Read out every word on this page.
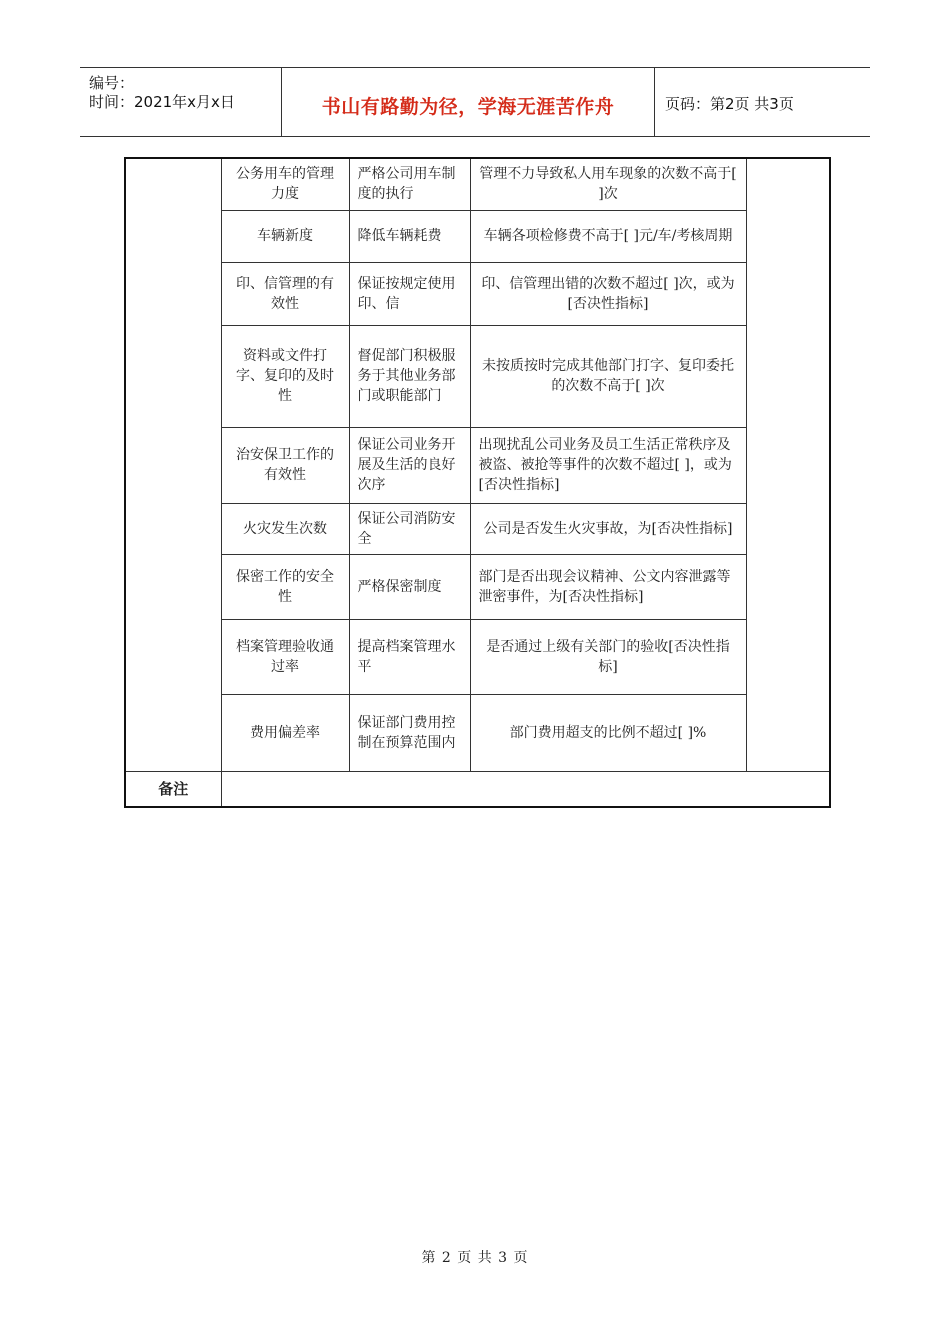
编号：
时间：2021年x月x日	书山有路勤为径，学海无涯苦作舟	页码：第2页 共3页
	公务用车的管理力度	严格公司用车制度的执行	管理不力导致私人用车现象的次数不高于[ ]次	
	车辆新度	降低车辆耗费	车辆各项检修费不高于[ ]元/车/考核周期	
	印、信管理的有效性	保证按规定使用印、信	印、信管理出错的次数不超过[ ]次，或为[否决性指标]	
	资料或文件打字、复印的及时性	督促部门积极服务于其他业务部门或职能部门	未按质按时完成其他部门打字、复印委托的次数不高于[ ]次	
	治安保卫工作的有效性	保证公司业务开展及生活的良好次序	出现扰乱公司业务及员工生活正常秩序及被盗、被抢等事件的次数不超过[ ]，或为[否决性指标]	
	火灾发生次数	保证公司消防安全	公司是否发生火灾事故，为[否决性指标]	
	保密工作的安全性	严格保密制度	部门是否出现会议精神、公文内容泄露等泄密事件，为[否决性指标]	
	档案管理验收通过率	提高档案管理水平	是否通过上级有关部门的验收[否决性指标]	
	费用偏差率	保证部门费用控制在预算范围内	部门费用超支的比例不超过[ ]%	
备注				
第 2 页 共 3 页
